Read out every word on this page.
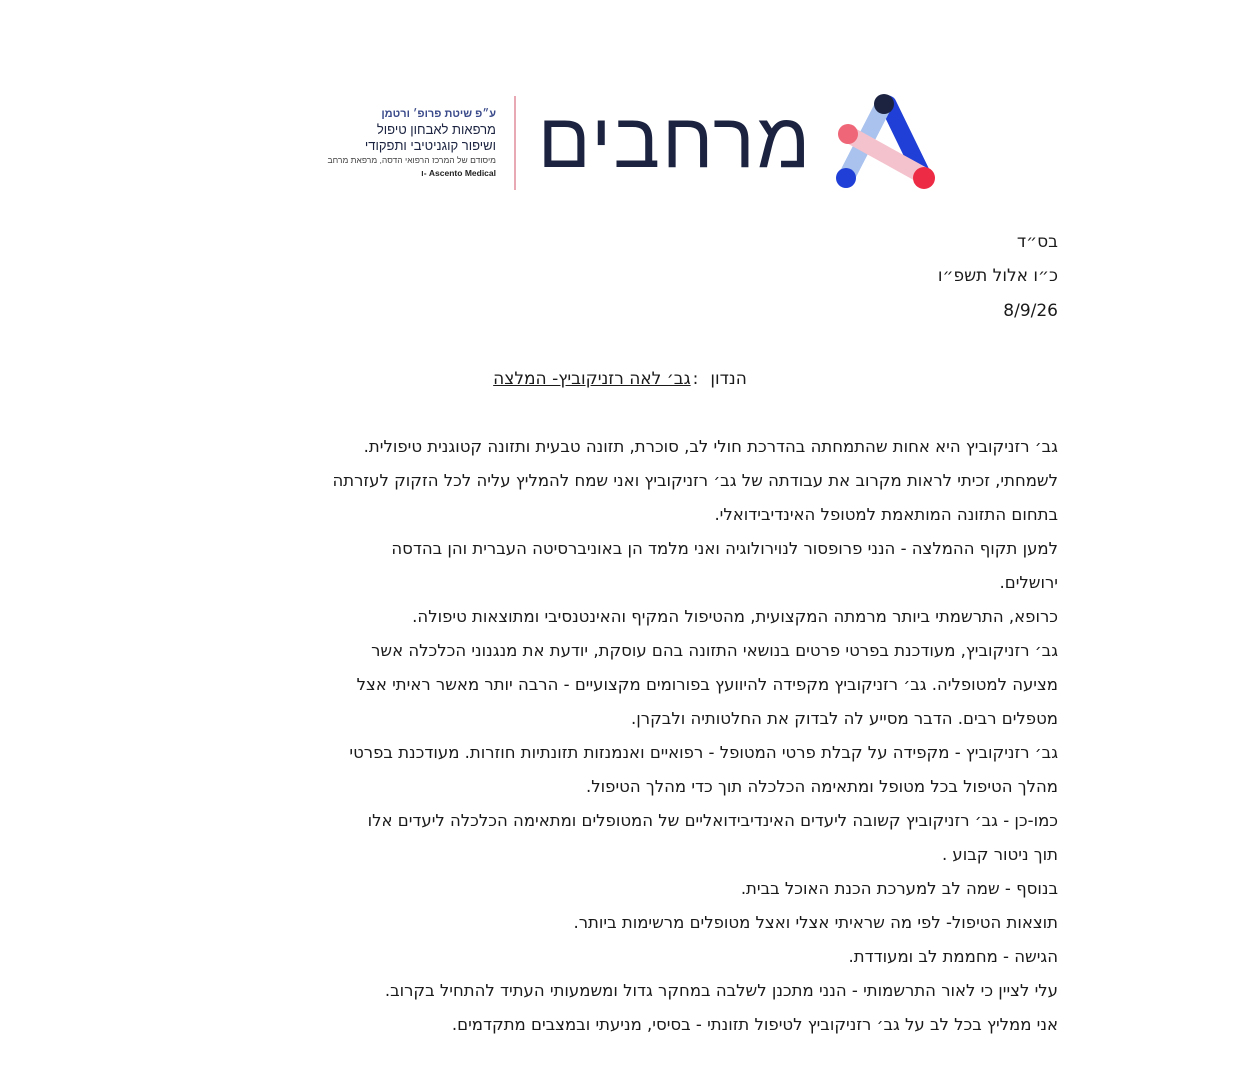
מרחבים
ע״פ שיטת פרופ׳ ורטמן
מרפאות לאבחון טיפול
ושיפור קוגניטיבי ותפקודי
מיסודם של המרכז הרפואי הדסה, מרפאת מרחב
Ascento Medical -ו
בס״ד
כ״ו אלול תשפ״ו
8/9/26
הנדון:גב׳ לאה רזניקוביץ- המלצה

גב׳ רזניקוביץ היא אחות שהתמחתה בהדרכת חולי לב, סוכרת, תזונה טבעית ותזונה קטוגנית טיפולית.

לשמחתי, זכיתי לראות מקרוב את עבודתה של גב׳ רזניקוביץ ואני שמח להמליץ עליה לכל הזקוק לעזרתה

בתחום התזונה המותאמת למטופל האינדיבידואלי.

למען תקוף ההמלצה - הנני פרופסור לנוירולוגיה ואני מלמד הן באוניברסיטה העברית והן בהדסה

ירושלים.

כרופא, התרשמתי ביותר מרמתה המקצועית, מהטיפול המקיף והאינטנסיבי ומתוצאות טיפולה.

גב׳ רזניקוביץ, מעודכנת בפרטי פרטים בנושאי התזונה בהם עוסקת, יודעת את מנגנוני הכלכלה אשר

מציעה למטופליה. גב׳ רזניקוביץ מקפידה להיוועץ בפורומים מקצועיים - הרבה יותר מאשר ראיתי אצל

מטפלים רבים. הדבר מסייע לה לבדוק את החלטותיה ולבקרן.

גב׳ רזניקוביץ - מקפידה על קבלת פרטי המטופל - רפואיים ואנמנזות תזונתיות חוזרות. מעודכנת בפרטי

מהלך הטיפול בכל מטופל ומתאימה הכלכלה תוך כדי מהלך הטיפול.

כמו-כן - גב׳ רזניקוביץ קשובה ליעדים האינדיבידואליים של המטופלים ומתאימה הכלכלה ליעדים אלו

תוך ניטור קבוע .

בנוסף - שמה לב למערכת הכנת האוכל בבית.

תוצאות הטיפול- לפי מה שראיתי אצלי ואצל מטופלים מרשימות ביותר.

הגישה - מחממת לב ומעודדת.

עלי לציין כי לאור התרשמותי - הנני מתכנן לשלבה במחקר גדול ומשמעותי העתיד להתחיל בקרוב.

אני ממליץ בכל לב על גב׳ רזניקוביץ לטיפול תזונתי - בסיסי, מניעתי ובמצבים מתקדמים.
